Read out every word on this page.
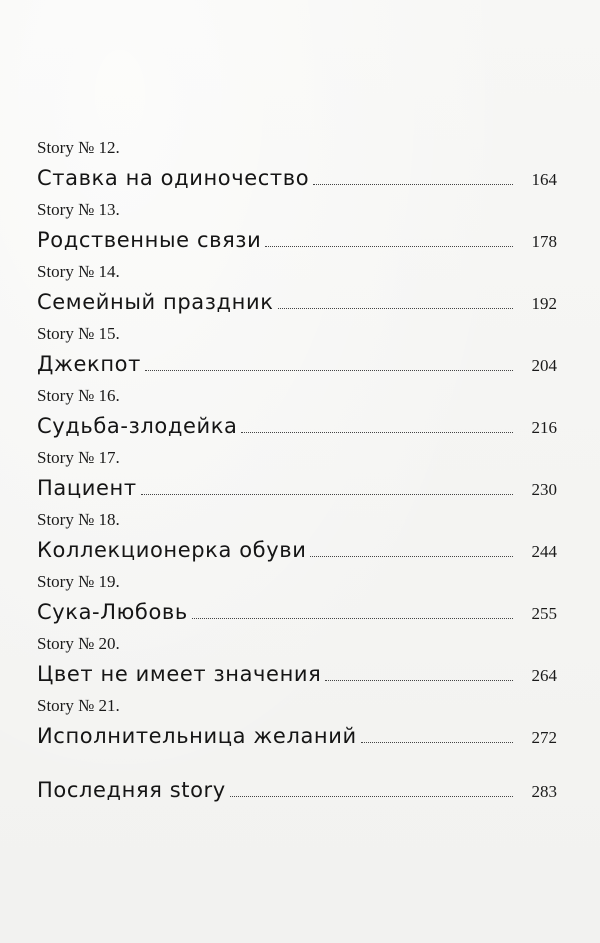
Story № 12.
Ставка на одиночество	164
Story № 13.
Родственные связи	178
Story № 14.
Семейный праздник	192
Story № 15.
Джекпот	204
Story № 16.
Судьба-злодейка	216
Story № 17.
Пациент	230
Story № 18.
Коллекционерка обуви	244
Story № 19.
Сука-Любовь	255
Story № 20.
Цвет не имеет значения	264
Story № 21.
Исполнительница желаний	272
Последняя story	283
